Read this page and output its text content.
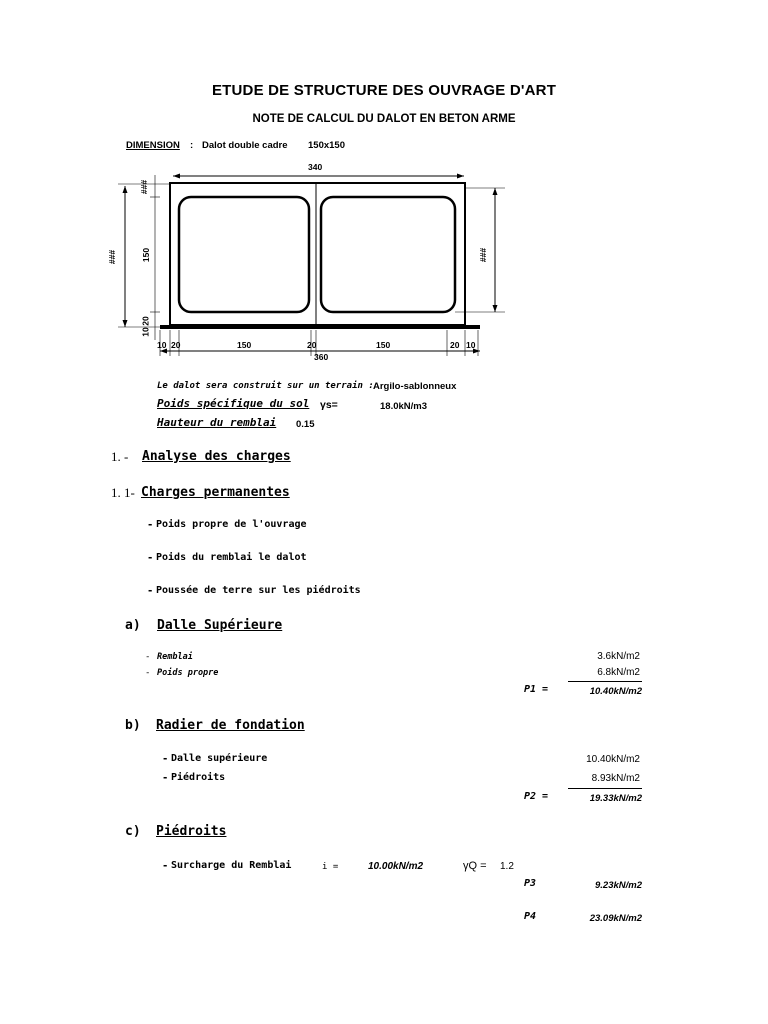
ETUDE DE STRUCTURE DES OUVRAGE D'ART
NOTE DE CALCUL DU DALOT EN BETON ARME
DIMENSION : Dalot double cadre 150x150
340
360
###
###
150
20
10
###
10 20	150	20	150	20 10
Le dalot sera construit sur un terrain : Argilo-sablonneux
Poids spécifique du sol γs=	18.0kN/m3
Hauteur du remblai 0.15
1. - Analyse des charges
1. 1- Charges permanentes
- Poids propre de l'ouvrage
- Poids du remblai le dalot
- Poussée de terre sur les piédroits
a) Dalle Supérieure
- Remblai	3.6kN/m2
- Poids propre	6.8kN/m2
P1 =	10.40kN/m2
b) Radier de fondation
- Dalle supérieure	10.40kN/m2
- Piédroits	8.93kN/m2
P2 =	19.33kN/m2
c) Piédroits
- Surcharge du Remblai	i =	10.00kN/m2	γQ = 1.2
P3	9.23kN/m2
P4	23.09kN/m2
